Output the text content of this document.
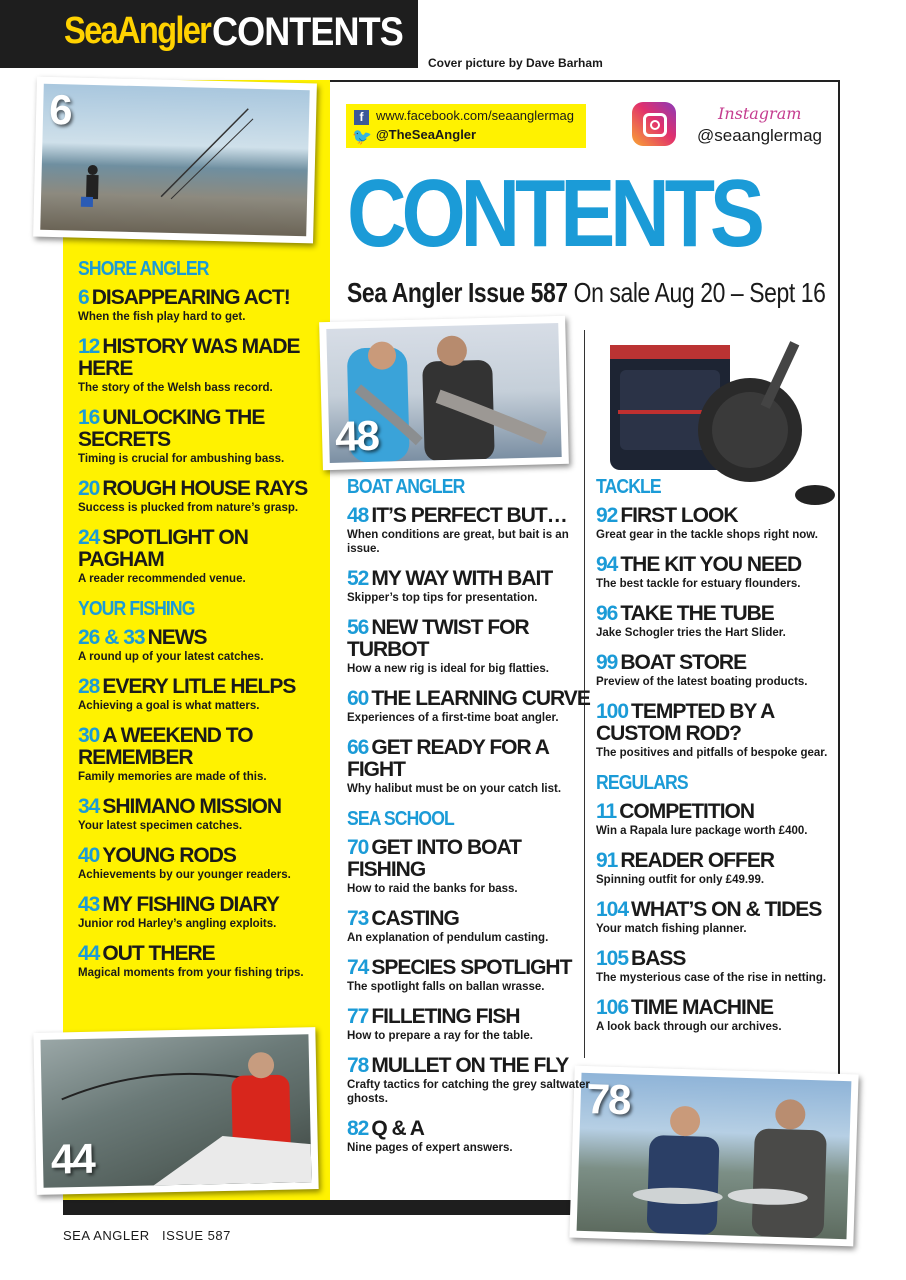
SeaAngler CONTENTS
Cover picture by Dave Barham
f www.facebook.com/seaanglermag
🐦 @TheSeaAngler
Instagram
@seaanglermag
CONTENTS
Sea Angler Issue 587 On sale Aug 20 – Sept 16
6
48
44
78
SHORE ANGLER
6 DISAPPEARING ACT!
When the fish play hard to get.
12 HISTORY WAS MADE HERE
The story of the Welsh bass record.
16 UNLOCKING THE SECRETS
Timing is crucial for ambushing bass.
20 ROUGH HOUSE RAYS
Success is plucked from nature’s grasp.
24 SPOTLIGHT ON PAGHAM
A reader recommended venue.
YOUR FISHING
26 & 33 NEWS
A round up of your latest catches.
28 EVERY LITLE HELPS
Achieving a goal is what matters.
30 A WEEKEND TO REMEMBER
Family memories are made of this.
34 SHIMANO MISSION
Your latest specimen catches.
40 YOUNG RODS
Achievements by our younger readers.
43 MY FISHING DIARY
Junior rod Harley’s angling exploits.
44 OUT THERE
Magical moments from your fishing trips.
BOAT ANGLER
48 IT’S PERFECT BUT…
When conditions are great, but bait is an issue.
52 MY WAY WITH BAIT
Skipper’s top tips for presentation.
56 NEW TWIST FOR TURBOT
How a new rig is ideal for big flatties.
60 THE LEARNING CURVE
Experiences of a first-time boat angler.
66 GET READY FOR A FIGHT
Why halibut must be on your catch list.
SEA SCHOOL
70 GET INTO BOAT FISHING
How to raid the banks for bass.
73 CASTING
An explanation of pendulum casting.
74 SPECIES SPOTLIGHT
The spotlight falls on ballan wrasse.
77 FILLETING FISH
How to prepare a ray for the table.
78 MULLET ON THE FLY
Crafty tactics for catching the grey saltwater ghosts.
82 Q & A
Nine pages of expert answers.
TACKLE
92 FIRST LOOK
Great gear in the tackle shops right now.
94 THE KIT YOU NEED
The best tackle for estuary flounders.
96 TAKE THE TUBE
Jake Schogler tries the Hart Slider.
99 BOAT STORE
Preview of the latest boating products.
100 TEMPTED BY A CUSTOM ROD?
The positives and pitfalls of bespoke gear.
REGULARS
11 COMPETITION
Win a Rapala lure package worth £400.
91 READER OFFER
Spinning outfit for only £49.99.
104 WHAT’S ON & TIDES
Your match fishing planner.
105 BASS
The mysterious case of the rise in netting.
106 TIME MACHINE
A look back through our archives.
SEA ANGLER   ISSUE 587
